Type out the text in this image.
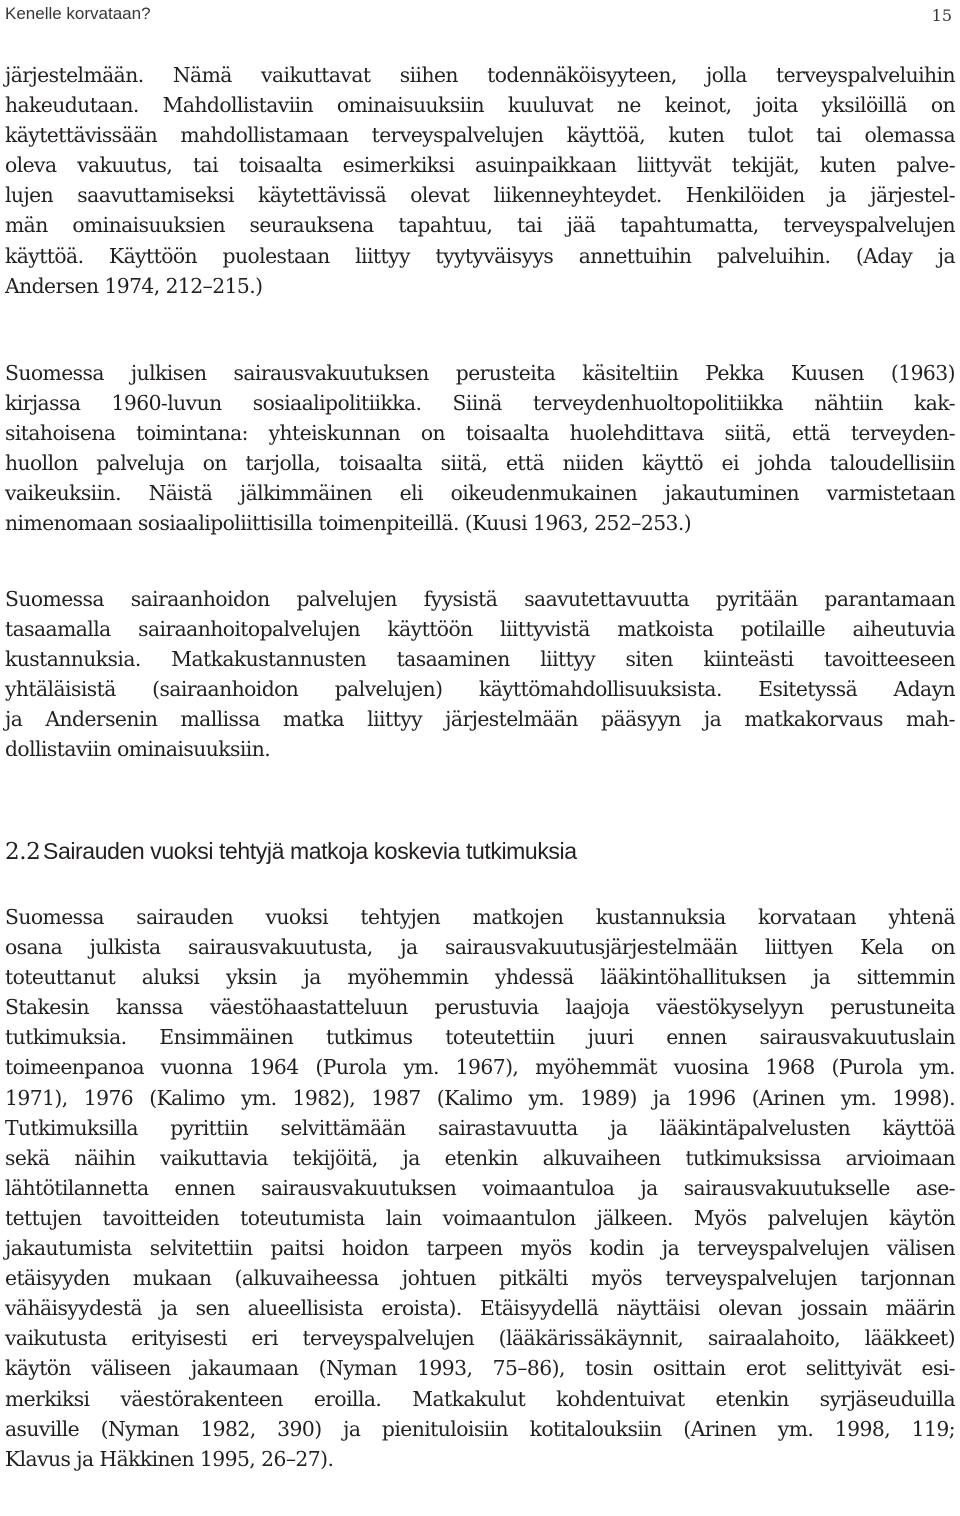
Kenelle korvataan?	15
järjestelmään. Nämä vaikuttavat siihen todennäköisyyteen, jolla terveyspalveluihin
hakeudutaan. Mahdollistaviin ominaisuuksiin kuuluvat ne keinot, joita yksilöillä on
käytettävissään mahdollistamaan terveyspalvelujen käyttöä, kuten tulot tai olemassa
oleva vakuutus, tai toisaalta esimerkiksi asuinpaikkaan liittyvät tekijät, kuten palve-
lujen saavuttamiseksi käytettävissä olevat liikenneyhteydet. Henkilöiden ja järjestel-
män ominaisuuksien seurauksena tapahtuu, tai jää tapahtumatta, terveyspalvelujen
käyttöä. Käyttöön puolestaan liittyy tyytyväisyys annettuihin palveluihin. (Aday ja
Andersen 1974, 212–215.)
Suomessa julkisen sairausvakuutuksen perusteita käsiteltiin Pekka Kuusen (1963)
kirjassa 1960-luvun sosiaalipolitiikka. Siinä terveydenhuoltopolitiikka nähtiin kak-
sitahoisena toimintana: yhteiskunnan on toisaalta huolehdittava siitä, että terveyden-
huollon palveluja on tarjolla, toisaalta siitä, että niiden käyttö ei johda taloudellisiin
vaikeuksiin. Näistä jälkimmäinen eli oikeudenmukainen jakautuminen varmistetaan
nimenomaan sosiaalipoliittisilla toimenpiteillä. (Kuusi 1963, 252–253.)
Suomessa sairaanhoidon palvelujen fyysistä saavutettavuutta pyritään parantamaan
tasaamalla sairaanhoitopalvelujen käyttöön liittyvistä matkoista potilaille aiheutuvia
kustannuksia. Matkakustannusten tasaaminen liittyy siten kiinteästi tavoitteeseen
yhtäläisistä (sairaanhoidon palvelujen) käyttömahdollisuuksista. Esitetyssä Adayn
ja Andersenin mallissa matka liittyy järjestelmään pääsyyn ja matkakorvaus mah-
dollistaviin ominaisuuksiin.
2.2 Sairauden vuoksi tehtyjä matkoja koskevia tutkimuksia
Suomessa sairauden vuoksi tehtyjen matkojen kustannuksia korvataan yhtenä
osana julkista sairausvakuutusta, ja sairausvakuutusjärjestelmään liittyen Kela on
toteuttanut aluksi yksin ja myöhemmin yhdessä lääkintöhallituksen ja sittemmin
Stakesin kanssa väestöhaastatteluun perustuvia laajoja väestökyselyyn perustuneita
tutkimuksia. Ensimmäinen tutkimus toteutettiin juuri ennen sairausvakuutuslain
toimeenpanoa vuonna 1964 (Purola ym. 1967), myöhemmät vuosina 1968 (Purola ym.
1971), 1976 (Kalimo ym. 1982), 1987 (Kalimo ym. 1989) ja 1996 (Arinen ym. 1998).
Tutkimuksilla pyrittiin selvittämään sairastavuutta ja lääkintäpalvelusten käyttöä
sekä näihin vaikuttavia tekijöitä, ja etenkin alkuvaiheen tutkimuksissa arvioimaan
lähtötilannetta ennen sairausvakuutuksen voimaantuloa ja sairausvakuutukselle ase-
tettujen tavoitteiden toteutumista lain voimaantulon jälkeen. Myös palvelujen käytön
jakautumista selvitettiin paitsi hoidon tarpeen myös kodin ja terveyspalvelujen välisen
etäisyyden mukaan (alkuvaiheessa johtuen pitkälti myös terveyspalvelujen tarjonnan
vähäisyydestä ja sen alueellisista eroista). Etäisyydellä näyttäisi olevan jossain määrin
vaikutusta erityisesti eri terveyspalvelujen (lääkärissäkäynnit, sairaalahoito, lääkkeet)
käytön väliseen jakaumaan (Nyman 1993, 75–86), tosin osittain erot selittyivät esi-
merkiksi väestörakenteen eroilla. Matkakulut kohdentuivat etenkin syrjäseuduilla
asuville (Nyman 1982, 390) ja pienituloisiin kotitalouksiin (Arinen ym. 1998, 119;
Klavus ja Häkkinen 1995, 26–27).
